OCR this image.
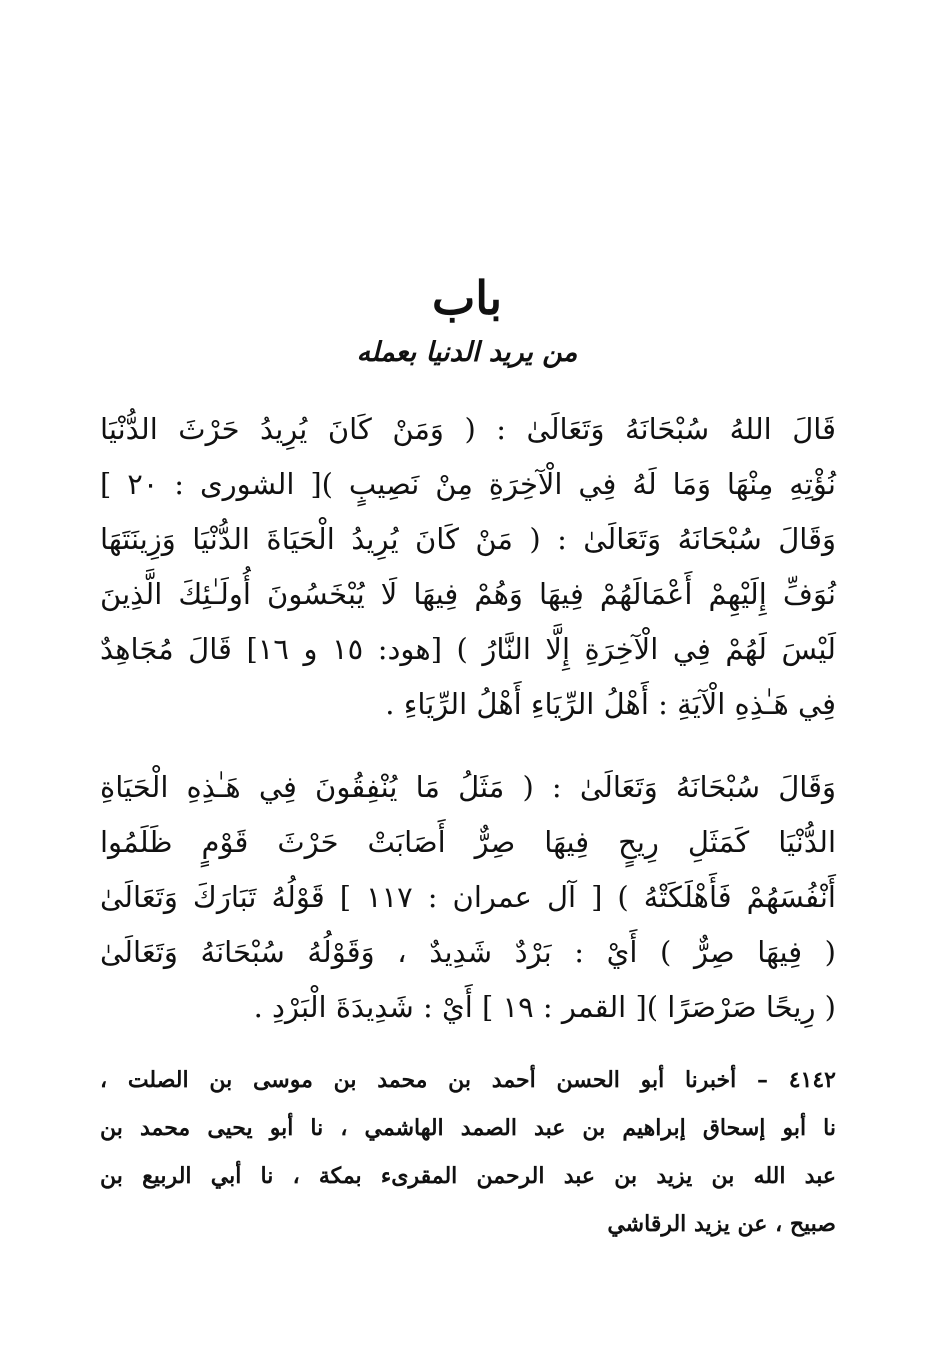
باب
من يريد الدنيا بعمله
قَالَ اللهُ سُبْحَانَهُ وَتَعَالَىٰ : ( وَمَنْ كَانَ يُرِيدُ حَرْثَ الدُّنْيَا
نُؤْتِهِ مِنْهَا وَمَا لَهُ فِي الْآخِرَةِ مِنْ نَصِيبٍ )[ الشورى : ٢٠ ]
وَقَالَ سُبْحَانَهُ وَتَعَالَىٰ : ( مَنْ كَانَ يُرِيدُ الْحَيَاةَ الدُّنْيَا وَزِينَتَهَا
نُوَفِّ إِلَيْهِمْ أَعْمَالَهُمْ فِيهَا وَهُمْ فِيهَا لَا يُبْخَسُونَ أُولَـٰئِكَ الَّذِينَ
لَيْسَ لَهُمْ فِي الْآخِرَةِ إِلَّا النَّارُ ) [هود: ١٥ و ١٦] قَالَ مُجَاهِدٌ
فِي هَـٰذِهِ الْآيَةِ : أَهْلُ الرِّيَاءِ أَهْلُ الرِّيَاءِ .
وَقَالَ سُبْحَانَهُ وَتَعَالَىٰ : ( مَثَلُ مَا يُنْفِقُونَ فِي هَـٰذِهِ الْحَيَاةِ
الدُّنْيَا كَمَثَلِ رِيحٍ فِيهَا صِرٌّ أَصَابَتْ حَرْثَ قَوْمٍ ظَلَمُوا
أَنْفُسَهُمْ فَأَهْلَكَتْهُ ) [ آل عمران : ١١٧ ] قَوْلُهُ تَبَارَكَ وَتَعَالَىٰ
( فِيهَا صِرٌّ ) أَيْ : بَرْدٌ شَدِيدٌ ، وَقَوْلُهُ سُبْحَانَهُ وَتَعَالَىٰ
( رِيحًا صَرْصَرًا )[ القمر : ١٩ ] أَيْ : شَدِيدَةَ الْبَرْدِ .
٤١٤٢ – أخبرنا أبو الحسن أحمد بن محمد بن موسى بن الصلت ،
نا أبو إسحاق إبراهيم بن عبد الصمد الهاشمي ، نا أبو يحيى محمد بن
عبد الله بن يزيد بن عبد الرحمن المقرىء بمكة ، نا أبي الربيع بن
صبيح ، عن يزيد الرقاشي
